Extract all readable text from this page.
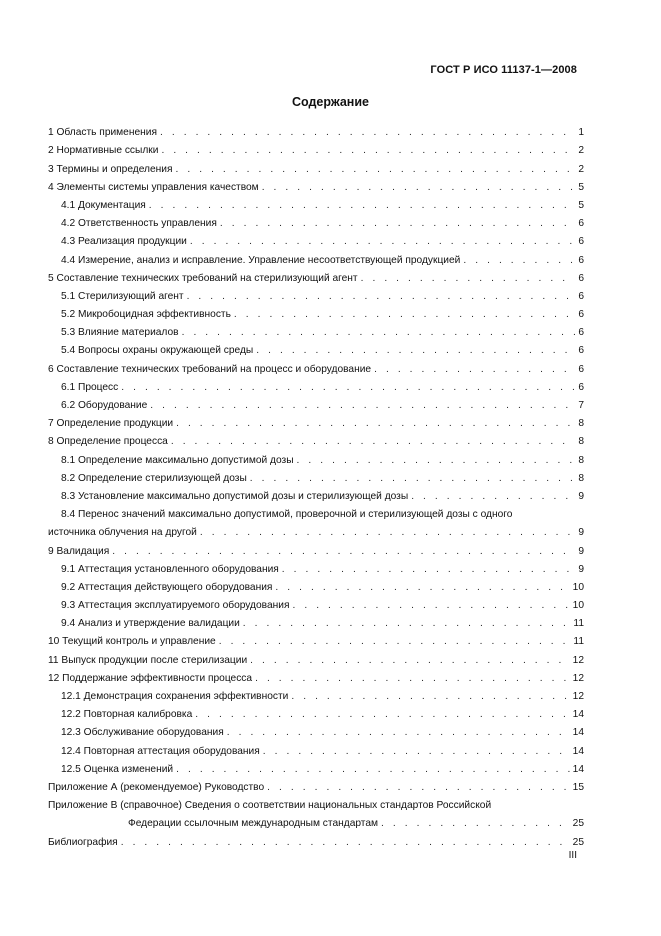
ГОСТ Р ИСО 11137-1—2008
Содержание
1 Область применения . . .	1
2 Нормативные ссылки . . .	2
3 Термины и определения . . .	2
4 Элементы системы управления качеством . . .	5
4.1 Документация . . .	5
4.2 Ответственность управления . . .	6
4.3 Реализация продукции . . .	6
4.4 Измерение, анализ и исправление. Управление несоответствующей продукцией . . .	6
5 Составление технических требований на стерилизующий агент . . .	6
5.1 Стерилизующий агент . . .	6
5.2 Микробоцидная эффективность . . .	6
5.3 Влияние материалов . . .	6
5.4 Вопросы охраны окружающей среды . . .	6
6 Составление технических требований на процесс и оборудование . . .	6
6.1 Процесс . . .	6
6.2 Оборудование . . .	7
7 Определение продукции . . .	8
8 Определение процесса . . .	8
8.1 Определение максимально допустимой дозы . . .	8
8.2 Определение стерилизующей дозы . . .	8
8.3 Установление максимально допустимой дозы и стерилизующей дозы . . .	9
8.4 Перенос значений максимально допустимой, проверочной и стерилизующей дозы с одного
источника облучения на другой . . .	9
9 Валидация . . .	9
9.1 Аттестация установленного оборудования . . .	9
9.2 Аттестация действующего оборудования . . .	10
9.3 Аттестация эксплуатируемого оборудования . . .	10
9.4 Анализ и утверждение валидации . . .	11
10 Текущий контроль и управление . . .	11
11 Выпуск продукции после стерилизации . . .	12
12 Поддержание эффективности процесса . . .	12
12.1 Демонстрация сохранения эффективности . . .	12
12.2 Повторная калибровка . . .	14
12.3 Обслуживание оборудования . . .	14
12.4 Повторная аттестация оборудования . . .	14
12.5 Оценка изменений . . .	14
Приложение А (рекомендуемое) Руководство . . .	15
Приложение В (справочное) Сведения о соответствии национальных стандартов Российской
Федерации ссылочным международным стандартам . . .	25
Библиография . . .	25
III
